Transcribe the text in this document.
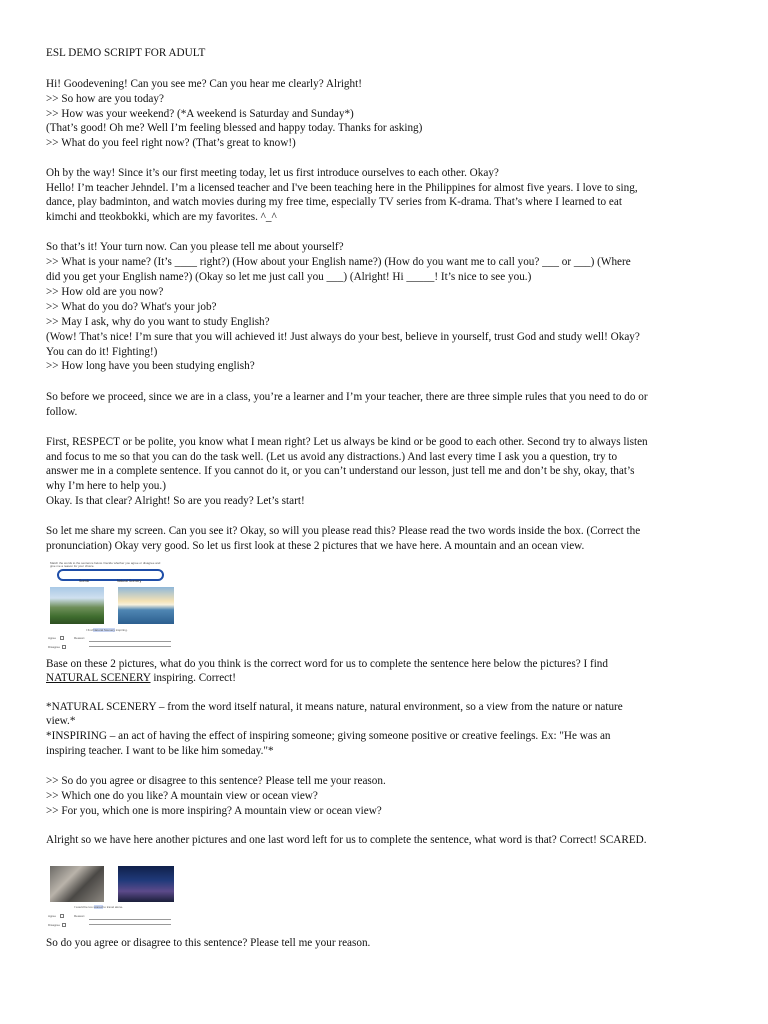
ESL DEMO SCRIPT FOR ADULT
Hi! Goodevening! Can you see me? Can you hear me clearly? Alright!
>> So how are you today?
>> How was your weekend? (*A weekend is Saturday and Sunday*)
(That’s good! Oh me? Well I’m feeling blessed and happy today. Thanks for asking)
>> What do you feel right now? (That’s great to know!)
Oh by the way! Since it’s our first meeting today, let us first introduce ourselves to each other. Okay?
Hello! I’m teacher Jehndel. I’m a licensed teacher and I've been teaching here in the Philippines for almost five years. I love to sing,
dance, play badminton, and watch movies during my free time, especially TV series from K-drama. That’s where I learned to eat
kimchi and tteokbokki, which are my favorites. ^_^
So that’s it! Your turn now. Can you please tell me about yourself?
>> What is your name? (It’s ____ right?) (How about your English name?) (How do you want me to call you? ___ or ___) (Where
did you get your English name?) (Okay so let me just call you ___) (Alright! Hi _____! It’s nice to see you.)
>> How old are you now?
>> What do you do? What's your job?
>> May I ask, why do you want to study English?
(Wow! That’s nice! I’m sure that you will achieved it! Just always do your best, believe in yourself, trust God and study well! Okay?
You can do it! Fighting!)
>> How long have you been studying english?
So before we proceed, since we are in a class, you’re a learner and I’m your teacher, there are three simple rules that you need to do or
follow.
First, RESPECT or be polite, you know what I mean right? Let us always be kind or be good to each other. Second try to always listen
and focus to me so that you can do the task well. (Let us avoid any distractions.) And last every time I ask you a question, try to
answer me in a complete sentence. If you cannot do it, or you can’t understand our lesson, just tell me and don’t be shy, okay, that’s
why I’m here to help you.)
Okay. Is that clear? Alright! So are you ready? Let’s start!
So let me share my screen. Can you see it? Okay, so will you please read this? Please read the two words inside the box. (Correct the
pronunciation) Okay very good. So let us first look at these 2 pictures that we have here. A mountain and an ocean view.
Match the words to the sentence below. Decide whether you agree or disagree and
give me a reason for your choice.
Scenic	Natural Scenery
I find Natural Scenery inspiring.
Agree	Reason:
Disagree
Base on these 2 pictures, what do you think is the correct word for us to complete the sentence here below the pictures? I find
NATURAL SCENERY inspiring. Correct!
*NATURAL SCENERY – from the word itself natural, it means nature, natural environment, so a view from the nature or nature
view.*
*INSPIRING – an act of having the effect of inspiring someone; giving someone positive or creative feelings. Ex: "He was an
inspiring teacher. I want to be like him someday."*
>> So do you agree or disagree to this sentence? Please tell me your reason.
>> Which one do you like? A mountain view or ocean view?
>> For you, which one is more inspiring? A mountain view or ocean view?
Alright so we have here another pictures and one last word left for us to complete the sentence, what word is that? Correct! SCARED.
I would be too scared to travel alone.
Agree	Reason:
Disagree
So do you agree or disagree to this sentence? Please tell me your reason.
